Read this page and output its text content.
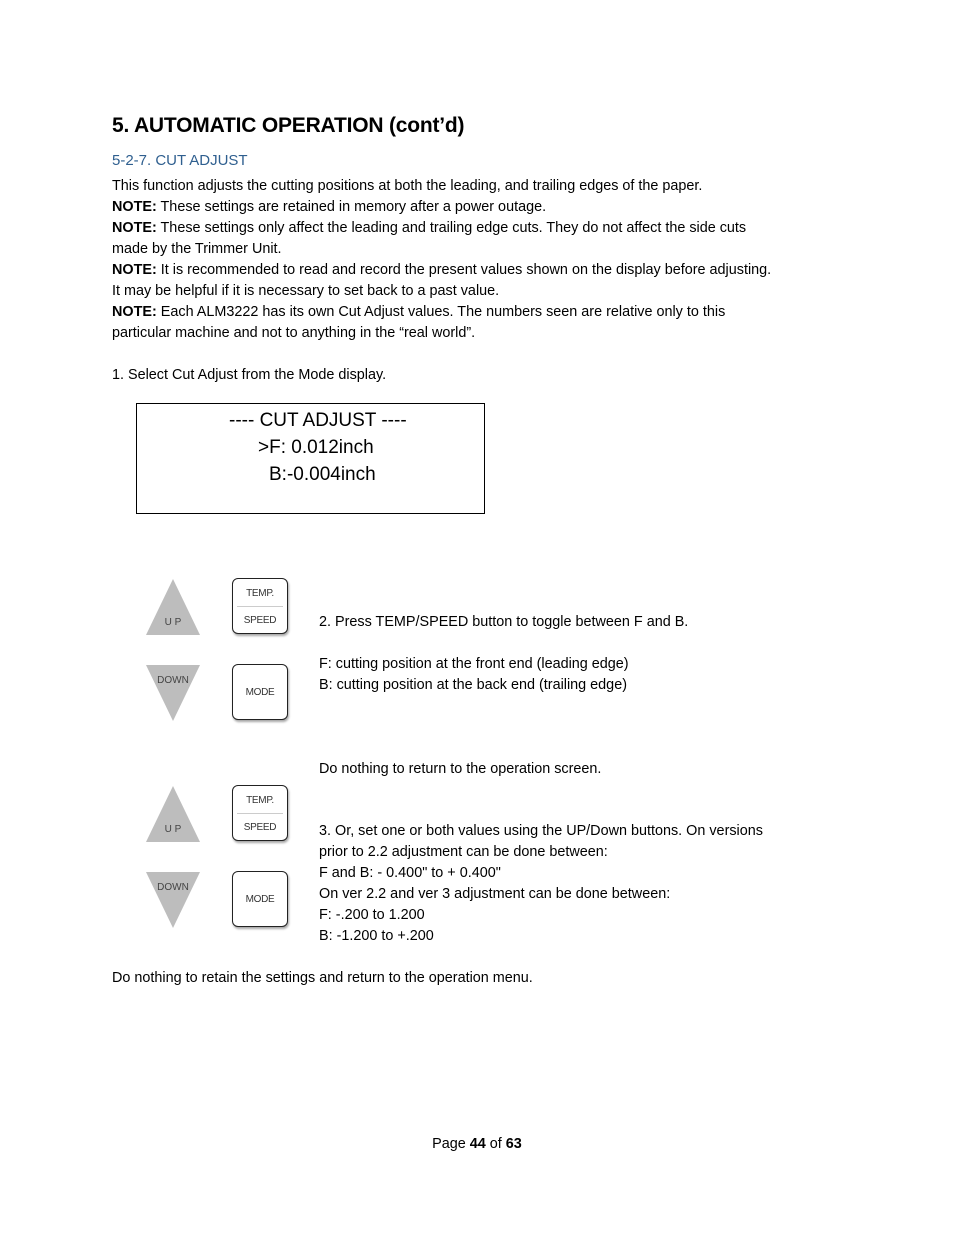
5. AUTOMATIC OPERATION (cont’d)
5-2-7. CUT ADJUST
This function adjusts the cutting positions at both the leading, and trailing edges of the paper.
NOTE: These settings are retained in memory after a power outage.
NOTE: These settings only affect the leading and trailing edge cuts. They do not affect the side cuts
made by the Trimmer Unit.
NOTE: It is recommended to read and record the present values shown on the display before adjusting.
It may be helpful if it is necessary to set back to a past value.
NOTE: Each ALM3222 has its own Cut Adjust values. The numbers seen are relative only to this
particular machine and not to anything in the “real world”.
1. Select Cut Adjust from the Mode display.
---- CUT ADJUST ----
>F: 0.012inch
B:-0.004inch
U P
TEMP.
SPEED
DOWN
MODE
2. Press TEMP/SPEED button to toggle between F and B.
F: cutting position at the front end (leading edge)
B: cutting position at the back end (trailing edge)
Do nothing to return to the operation screen.
U P
TEMP.
SPEED
DOWN
MODE
3. Or, set one or both values using the UP/Down buttons. On versions
prior to 2.2 adjustment can be done between:
F and B: - 0.400" to + 0.400"
On ver 2.2 and ver 3 adjustment can be done between:
F: -.200 to 1.200
B: -1.200 to +.200
Do nothing to retain the settings and return to the operation menu.
Page 44 of 63
